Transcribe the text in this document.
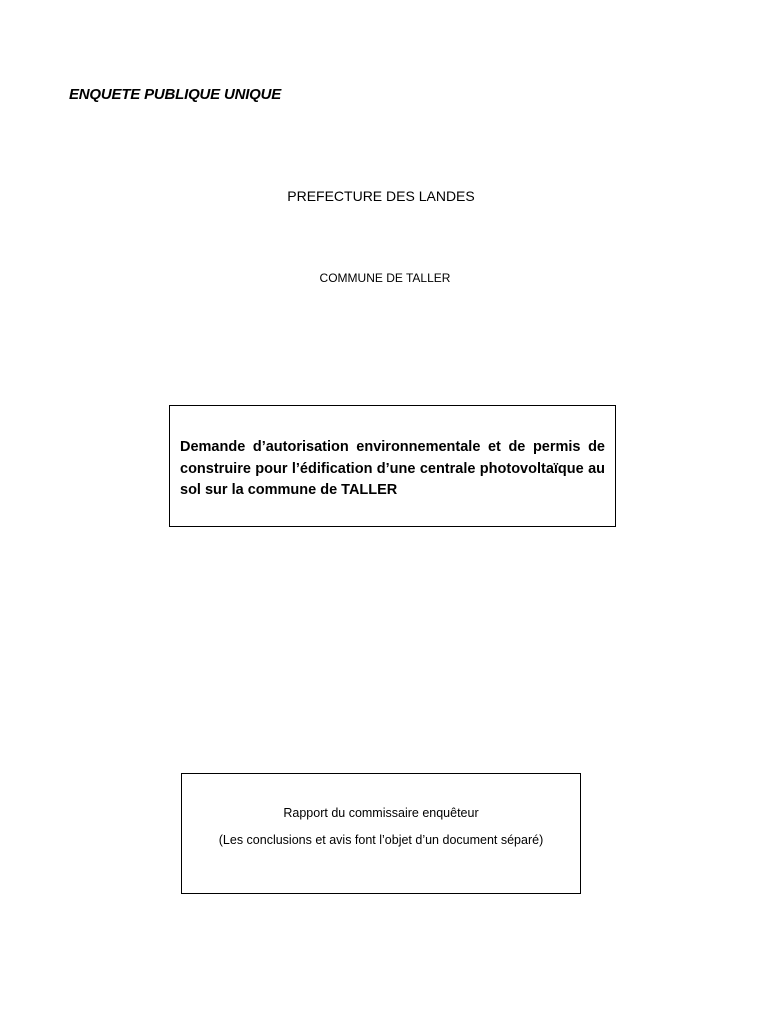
ENQUETE PUBLIQUE UNIQUE
PREFECTURE DES LANDES
COMMUNE DE TALLER
Demande d’autorisation environnementale et de permis de construire pour l’édification d’une centrale photovoltaïque au sol sur la commune de TALLER
Rapport du commissaire enquêteur
(Les conclusions et avis font l’objet d’un document séparé)
